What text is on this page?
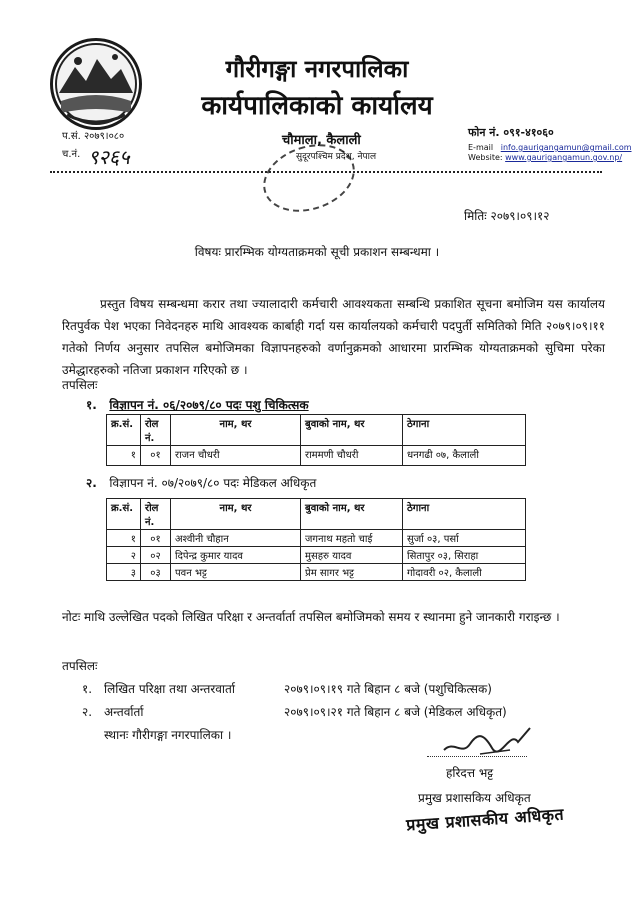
गौरीगङ्गा नगरपालिका
कार्यपालिकाको कार्यालय
प.सं. २०७९।०८०
च.नं. ९२६५
चौमाला, कैलाली
सुदूरपश्चिम प्रदेश, नेपाल
फोन नं. ०९१-४१०६०
E-mail info.gaurigangamun@gmail.com
Website: www.gaurigangamun.gov.np/
मितिः २०७९।०९।१२
विषयः प्रारम्भिक योग्यताक्रमको सूची प्रकाशन सम्बन्धमा ।
प्रस्तुत विषय सम्बन्धमा करार तथा ज्यालादारी कर्मचारी आवश्यकता सम्बन्धि प्रकाशित सूचना बमोजिम यस कार्यालय रितपुर्वक पेश भएका निवेदनहरु माथि आवश्यक कार्बाही गर्दा यस कार्यालयको कर्मचारी पदपुर्ती समितिको मिति २०७९।०९।११ गतेको निर्णय अनुसार तपसिल बमोजिमका विज्ञापनहरुको वर्णानुक्रमको आधारमा प्रारम्भिक योग्यताक्रमको सुचिमा परेका उमेद्धारहरुको नतिजा प्रकाशन गरिएको छ ।
तपसिलः
१. विज्ञापन नं. ०६/२०७९/८० पदः पशु चिकित्सक
क्र.सं.	रोल नं.	नाम, थर	बुवाको नाम, थर	ठेगाना
१	०१	राजन चौधरी	राममणी चौधरी	धनगढी ०७, कैलाली
२. विज्ञापन नं. ०७/२०७९/८० पदः मेडिकल अधिकृत
क्र.सं.	रोल नं.	नाम, थर	बुवाको नाम, थर	ठेगाना
१	०१	अश्वीनी चौहान	जगनाथ महतो चाई	सुर्जा ०३, पर्सा
२	०२	दिपेन्द्र कुमार यादव	मुसहरु यादव	सितापुर ०३, सिराहा
३	०३	पवन भट्ट	प्रेम सागर भट्ट	गोदावरी ०२, कैलाली
नोटः माथि उल्लेखित पदको लिखित परिक्षा र अन्तर्वार्ता तपसिल बमोजिमको समय र स्थानमा हुने जानकारी गराइन्छ ।
तपसिलः
१. लिखित परिक्षा तथा अन्तरवार्ता	२०७९।०९।१९ गते बिहान ८ बजे (पशुचिकित्सक)
२. अन्तर्वार्ता	२०७९।०९।२१ गते बिहान ८ बजे (मेडिकल अधिकृत)
स्थानः गौरीगङ्गा नगरपालिका ।
हरिदत्त भट्ट
प्रमुख प्रशासकिय अधिकृत
प्रमुख प्रशासकीय अधिकृत
